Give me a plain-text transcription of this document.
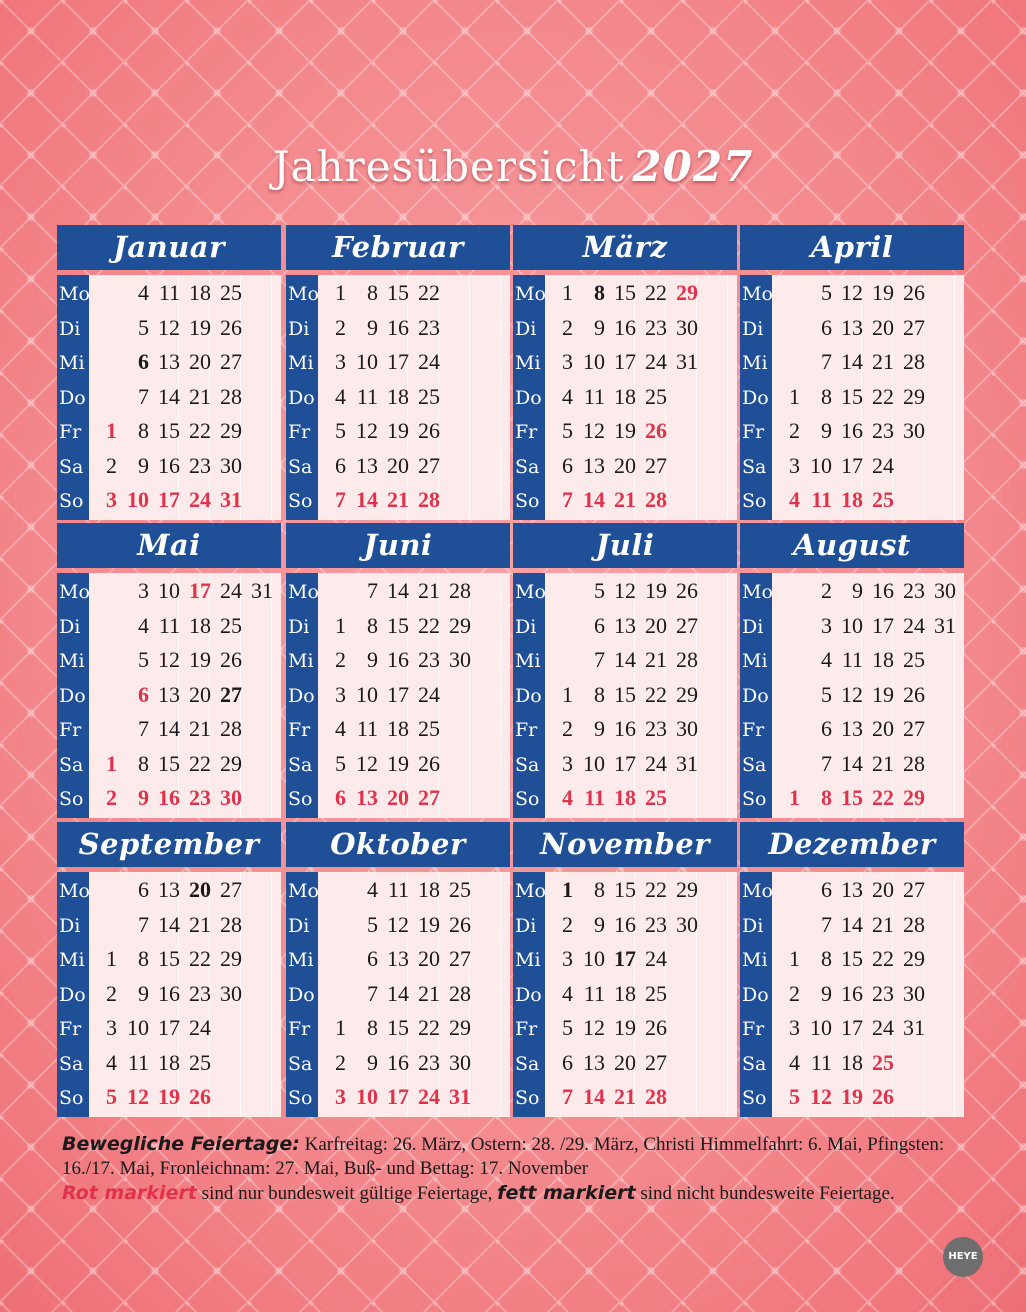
Jahresübersicht 2027
Januar
Mo
Di
Mi
Do
Fr
Sa
So
1
2
3
4
5
6
7
8
9
10
11
12
13
14
15
16
17
18
19
20
21
22
23
24
25
26
27
28
29
30
31
Februar
Mo
Di
Mi
Do
Fr
Sa
So
1
2
3
4
5
6
7
8
9
10
11
12
13
14
15
16
17
18
19
20
21
22
23
24
25
26
27
28
März
Mo
Di
Mi
Do
Fr
Sa
So
1
2
3
4
5
6
7
8
9
10
11
12
13
14
15
16
17
18
19
20
21
22
23
24
25
26
27
28
29
30
31
April
Mo
Di
Mi
Do
Fr
Sa
So
1
2
3
4
5
6
7
8
9
10
11
12
13
14
15
16
17
18
19
20
21
22
23
24
25
26
27
28
29
30
Mai
Mo
Di
Mi
Do
Fr
Sa
So
1
2
3
4
5
6
7
8
9
10
11
12
13
14
15
16
17
18
19
20
21
22
23
24
25
26
27
28
29
30
31
Juni
Mo
Di
Mi
Do
Fr
Sa
So
1
2
3
4
5
6
7
8
9
10
11
12
13
14
15
16
17
18
19
20
21
22
23
24
25
26
27
28
29
30
Juli
Mo
Di
Mi
Do
Fr
Sa
So
1
2
3
4
5
6
7
8
9
10
11
12
13
14
15
16
17
18
19
20
21
22
23
24
25
26
27
28
29
30
31
August
Mo
Di
Mi
Do
Fr
Sa
So	1
2
3
4
5
6
7
8
9
10
11
12
13
14
15
16
17
18
19
20
21
22
23
24
25
26
27
28
29
30
31
September
Mo
Di
Mi
Do
Fr
Sa
So
1
2
3
4
5
6
7
8
9
10
11
12
13
14
15
16
17
18
19
20
21
22
23
24
25
26
27
28
29
30
Oktober
Mo
Di
Mi
Do
Fr
Sa
So
1
2
3
4
5
6
7
8
9
10
11
12
13
14
15
16
17
18
19
20
21
22
23
24
25
26
27
28
29
30
31
November
Mo
Di
Mi
Do
Fr
Sa
So
1
2
3
4
5
6
7
8
9
10
11
12
13
14
15
16
17
18
19
20
21
22
23
24
25
26
27
28
29
30
Dezember
Mo
Di
Mi
Do
Fr
Sa
So
1
2
3
4
5
6
7
8
9
10
11
12
13
14
15
16
17
18
19
20
21
22
23
24
25
26
27
28
29
30
31
Bewegliche Feiertage: Karfreitag: 26. März, Ostern: 28. /29. März, Christi Himmelfahrt: 6. Mai, Pfingsten: 16./17. Mai, Fronleichnam: 27. Mai, Buß- und Bettag: 17. November
Rot markiert sind nur bundesweit gültige Feiertage, fett markiert sind nicht bundesweite Feiertage.
HEYE
